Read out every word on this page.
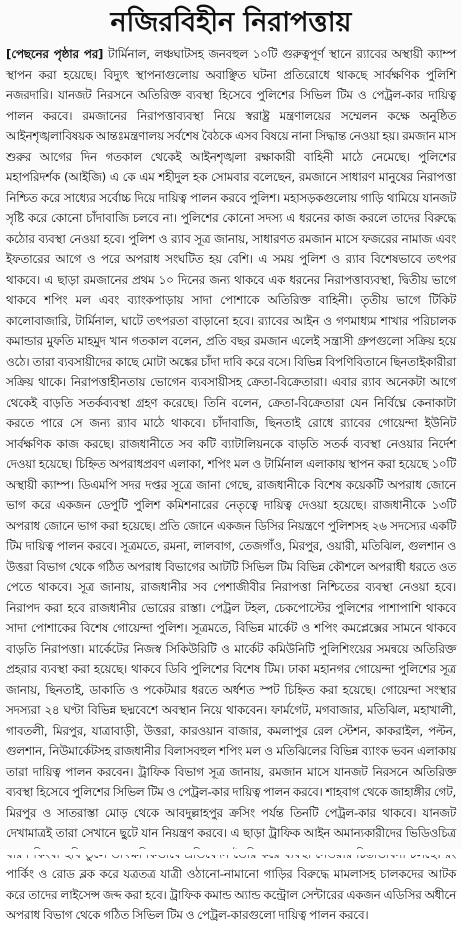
নজিরবিহীন নিরাপত্তায়
[পেছনের পৃষ্ঠার পর] টার্মিনাল, লঞ্চঘাটসহ জনবহুল ১০টি গুরুত্বপূর্ণ স্থানে র‌্যাবের অস্থায়ী ক্যাম্প স্থাপন করা হয়েছে। বিদ্যুৎ স্থাপনাগুলোয় অবাঞ্ছিত ঘটনা প্রতিরোধে থাকছে সার্বক্ষণিক পুলিশি নজরদারি। যানজট নিরসনে অতিরিক্ত ব্যবস্থা হিসেবে পুলিশের সিভিল টিম ও পেট্রল-কার দায়িত্ব পালন করবে। রমজানের নিরাপত্তাব্যবস্থা নিয়ে স্বরাষ্ট্র মন্ত্রণালয়ের সম্মেলন কক্ষে অনুষ্ঠিত আইনশৃঙ্খলাবিষয়ক আন্তঃমন্ত্রণালয় সর্বশেষ বৈঠকে এসব বিষয়ে নানা সিদ্ধান্ত নেওয়া হয়। রমজান মাস শুরুর আগের দিন গতকাল থেকেই আইনশৃঙ্খলা রক্ষাকারী বাহিনী মাঠে নেমেছে। পুলিশের মহাপরিদর্শক (আইজি) এ কে এম শহীদুল হক সোমবার বলেছেন, রমজানে সাধারণ মানুষের নিরাপত্তা নিশ্চিত করে সাধ্যের সর্বোচ্চ দিয়ে দায়িত্ব পালন করবে পুলিশ। মহাসড়কগুলোয় গাড়ি থামিয়ে যানজট সৃষ্টি করে কোনো চাঁদাবাজি চলবে না। পুলিশের কোনো সদস্য এ ধরনের কাজ করলে তাদের বিরুদ্ধে কঠোর ব্যবস্থা নেওয়া হবে। পুলিশ ও র‌্যাব সূত্র জানায়, সাধারণত রমজান মাসে ফজরের নামাজ এবং ইফতারের আগে ও পরে অপরাধ সংঘটিত হয় বেশি। এ সময় পুলিশ ও র‌্যাব বিশেষভাবে তৎপর থাকবে। এ ছাড়া রমজানের প্রথম ১০ দিনের জন্য থাকবে এক ধরনের নিরাপত্তাব্যবস্থা, দ্বিতীয় ভাগে থাকবে শপিং মল এবং ব্যাংকপাড়ায় সাদা পোশাকে অতিরিক্ত বাহিনী। তৃতীয় ভাগে টিকিট কালোবাজারি, টার্মিনাল, ঘাটে তৎপরতা বাড়ানো হবে। র‌্যাবের আইন ও গণমাধ্যম শাখার পরিচালক কমান্ডার মুফতি মাহমুদ খান গতকাল বলেন, প্রতি বছর রমজান এলেই সন্ত্রাসী গ্রুপগুলো সক্রিয় হয়ে ওঠে। তারা ব্যবসায়ীদের কাছে মোটা অঙ্কের চাঁদা দাবি করে বসে। বিভিন্ন বিপণিবিতানে ছিনতাইকারীরা সক্রিয় থাকে। নিরাপত্তাহীনতায় ভোগেন ব্যবসায়ীসহ ক্রেতা-বিক্রেতারা। এবার র‌্যাব অনেকটা আগে থেকেই বাড়তি সতর্কব্যবস্থা গ্রহণ করেছে। তিনি বলেন, ক্রেতা-বিক্রেতারা যেন নির্বিঘ্নে কেনাকাটা করতে পারে সে জন্য র‌্যাব মাঠে থাকবে। চাঁদাবাজি, ছিনতাই রোধে র‌্যাবের গোয়েন্দা ইউনিট সার্বক্ষণিক কাজ করছে। রাজধানীতে সব কটি ব্যাটালিয়নকে বাড়তি সতর্ক ব্যবস্থা নেওয়ার নির্দেশ দেওয়া হয়েছে। চিহ্নিত অপরাধপ্রবণ এলাকা, শপিং মল ও টার্মিনাল এলাকায় স্থাপন করা হয়েছে ১০টি অস্থায়ী ক্যাম্প। ডিএমপি সদর দপ্তর সূত্রে জানা গেছে, রাজধানীকে বিশেষ কয়েকটি অপরাধ জোনে ভাগ করে একজন ডেপুটি পুলিশ কমিশনারের নেতৃত্বে দায়িত্ব দেওয়া হয়েছে। রাজধানীকে ১৩টি অপরাধ জোনে ভাগ করা হয়েছে। প্রতি জোনে একজন ডিসির নিয়ন্ত্রণে পুলিশসহ ২৬ সদস্যের একটি টিম দায়িত্ব পালন করবে। সূত্রমতে, রমনা, লালবাগ, তেজগাঁও, মিরপুর, ওয়ারী, মতিঝিল, গুলশান ও উত্তরা বিভাগ থেকে গঠিত অপরাধ বিভাগের আটটি সিভিল টিম বিভিন্ন কৌশলে অপরাধী ধরতে ওত পেতে থাকবে। সূত্র জানায়, রাজধানীর সব পেশাজীবীর নিরাপত্তা নিশ্চিতের ব্যবস্থা নেওয়া হবে। নিরাপদ করা হবে রাজধানীর ভোরের রাস্তা। পেট্রল টহল, চেকপোস্টের পুলিশের পাশাপাশি থাকবে সাদা পোশাকের বিশেষ গোয়েন্দা পুলিশ। সূত্রমতে, বিভিন্ন মার্কেট ও শপিং কমপ্লেক্সের সামনে থাকবে বাড়তি নিরাপত্তা। মার্কেটের নিজস্ব সিকিউরিটি ও মার্কেট কমিউনিটি পুলিশিংয়ের সমন্বয়ে অতিরিক্ত প্রহরার ব্যবস্থা করা হয়েছে। থাকবে ডিবি পুলিশের বিশেষ টিম। ঢাকা মহানগর গোয়েন্দা পুলিশের সূত্র জানায়, ছিনতাই, ডাকাতি ও পকেটমার ধরতে অর্ধশত স্পট চিহ্নিত করা হয়েছে। গোয়েন্দা সংস্থার সদস্যরা ২৪ ঘণ্টা বিভিন্ন ছদ্মবেশে অবস্থান নিয়ে থাকবেন। ফার্মগেট, মগবাজার, মতিঝিল, মহাখালী, গাবতলী, মিরপুর, যাত্রাবাড়ী, উত্তরা, কারওয়ান বাজার, কমলাপুর রেল স্টেশন, কাকরাইল, পল্টন, গুলশান, নিউমার্কেটসহ রাজধানীর বিলাসবহুল শপিং মল ও মতিঝিলের বিভিন্ন ব্যাংক ভবন এলাকায় তারা দায়িত্ব পালন করবেন। ট্রাফিক বিভাগ সূত্র জানায়, রমজান মাসে যানজট নিরসনে অতিরিক্ত ব্যবস্থা হিসেবে পুলিশের সিভিল টিম ও পেট্রল-কার দায়িত্ব পালন করবে। শাহবাগ থেকে জাহাঙ্গীর গেট, মিরপুর ও সাতরাস্তা মোড় থেকে আবদুল্লাহপুর ক্রসিং পর্যন্ত তিনটি পেট্রল-কার থাকবে। যানজট দেখামাত্রই তারা সেখানে ছুটে যান নিয়ন্ত্রণ করবে। এ ছাড়া ট্রাফিক আইন অমান্যকারীদের ভিডিওচিত্র পার্কিং ও রোড ব্লক করে যত্রতত্র যাত্রী ওঠানো-নামানো গাড়ির বিরুদ্ধে মামলাসহ চালকদের আটক করে তাদের লাইসেন্স জব্দ করা হবে। ট্রাফিক কমান্ড অ্যান্ড কন্ট্রোল সেন্টারের একজন এডিসির অধীনে অপরাধ বিভাগ থেকে গঠিত সিভিল টিম ও পেট্রল-কারগুলো দায়িত্ব পালন করবে।
